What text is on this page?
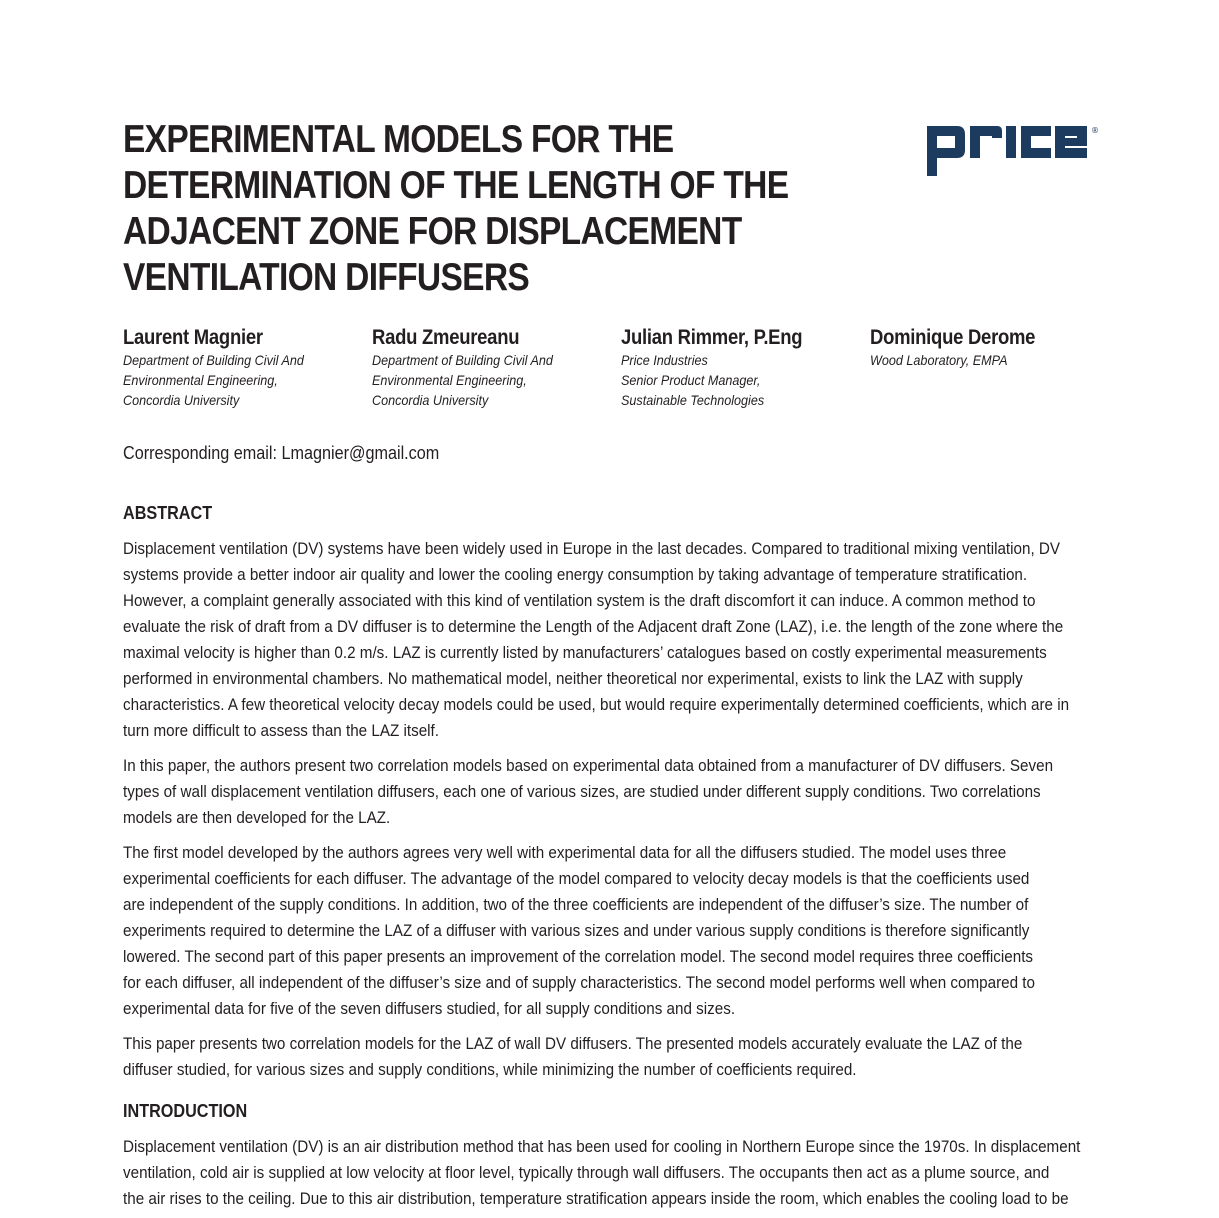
EXPERIMENTAL MODELS FOR THE
DETERMINATION OF THE LENGTH OF THE
ADJACENT ZONE FOR DISPLACEMENT
VENTILATION DIFFUSERS
®
Laurent Magnier
Department of Building Civil And
Environmental Engineering,
Concordia University
Radu Zmeureanu
Department of Building Civil And
Environmental Engineering,
Concordia University
Julian Rimmer, P.Eng
Price Industries
Senior Product Manager,
Sustainable Technologies
Dominique Derome
Wood Laboratory, EMPA
Corresponding email: Lmagnier@gmail.com
ABSTRACT
Displacement ventilation (DV) systems have been widely used in Europe in the last decades. Compared to traditional mixing ventilation, DV
systems provide a better indoor air quality and lower the cooling energy consumption by taking advantage of temperature stratification.
However, a complaint generally associated with this kind of ventilation system is the draft discomfort it can induce. A common method to
evaluate the risk of draft from a DV diffuser is to determine the Length of the Adjacent draft Zone (LAZ), i.e. the length of the zone where the
maximal velocity is higher than 0.2 m/s. LAZ is currently listed by manufacturers’ catalogues based on costly experimental measurements
performed in environmental chambers. No mathematical model, neither theoretical nor experimental, exists to link the LAZ with supply
characteristics. A few theoretical velocity decay models could be used, but would require experimentally determined coefficients, which are in
turn more difficult to assess than the LAZ itself.
In this paper, the authors present two correlation models based on experimental data obtained from a manufacturer of DV diffusers. Seven
types of wall displacement ventilation diffusers, each one of various sizes, are studied under different supply conditions. Two correlations
models are then developed for the LAZ.
The first model developed by the authors agrees very well with experimental data for all the diffusers studied. The model uses three
experimental coefficients for each diffuser. The advantage of the model compared to velocity decay models is that the coefficients used
are independent of the supply conditions. In addition, two of the three coefficients are independent of the diffuser’s size. The number of
experiments required to determine the LAZ of a diffuser with various sizes and under various supply conditions is therefore significantly
lowered. The second part of this paper presents an improvement of the correlation model. The second model requires three coefficients
for each diffuser, all independent of the diffuser’s size and of supply characteristics. The second model performs well when compared to
experimental data for five of the seven diffusers studied, for all supply conditions and sizes.
This paper presents two correlation models for the LAZ of wall DV diffusers. The presented models accurately evaluate the LAZ of the
diffuser studied, for various sizes and supply conditions, while minimizing the number of coefficients required.
INTRODUCTION
Displacement ventilation (DV) is an air distribution method that has been used for cooling in Northern Europe since the 1970s. In displacement
ventilation, cold air is supplied at low velocity at floor level, typically through wall diffusers. The occupants then act as a plume source, and
the air rises to the ceiling. Due to this air distribution, temperature stratification appears inside the room, which enables the cooling load to be
